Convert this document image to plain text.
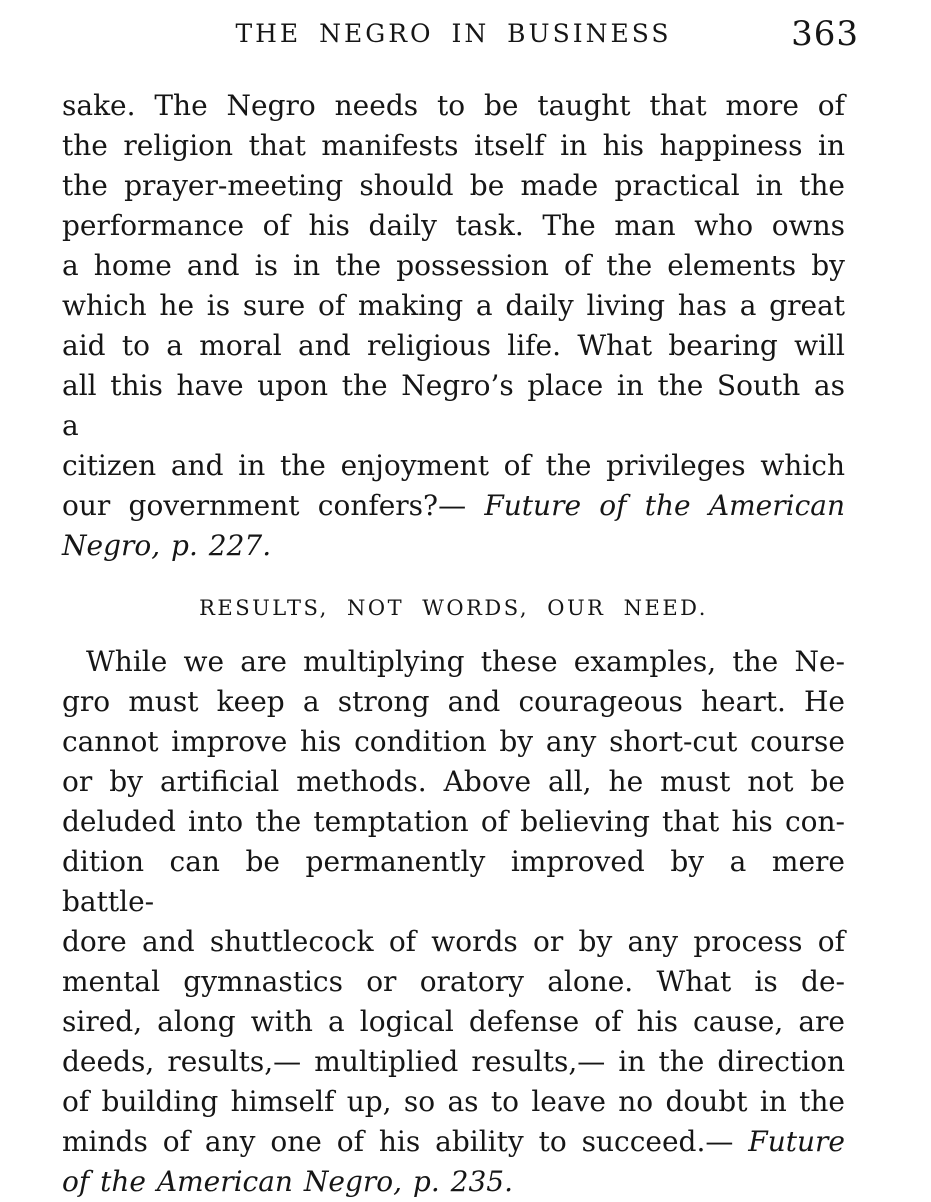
THE NEGRO IN BUSINESS	363
sake. The Negro needs to be taught that more of
the religion that manifests itself in his happiness in
the prayer-meeting should be made practical in the
performance of his daily task. The man who owns
a home and is in the possession of the elements by
which he is sure of making a daily living has a great
aid to a moral and religious life. What bearing will
all this have upon the Negro’s place in the South as a
citizen and in the enjoyment of the privileges which
our government confers?— Future of the American
Negro, p. 227.
RESULTS, NOT WORDS, OUR NEED.
While we are multiplying these examples, the Ne-
gro must keep a strong and courageous heart. He
cannot improve his condition by any short-cut course
or by artificial methods. Above all, he must not be
deluded into the temptation of believing that his con-
dition can be permanently improved by a mere battle-
dore and shuttlecock of words or by any process of
mental gymnastics or oratory alone. What is de-
sired, along with a logical defense of his cause, are
deeds, results,— multiplied results,— in the direction
of building himself up, so as to leave no doubt in the
minds of any one of his ability to succeed.— Future
of the American Negro, p. 235.
